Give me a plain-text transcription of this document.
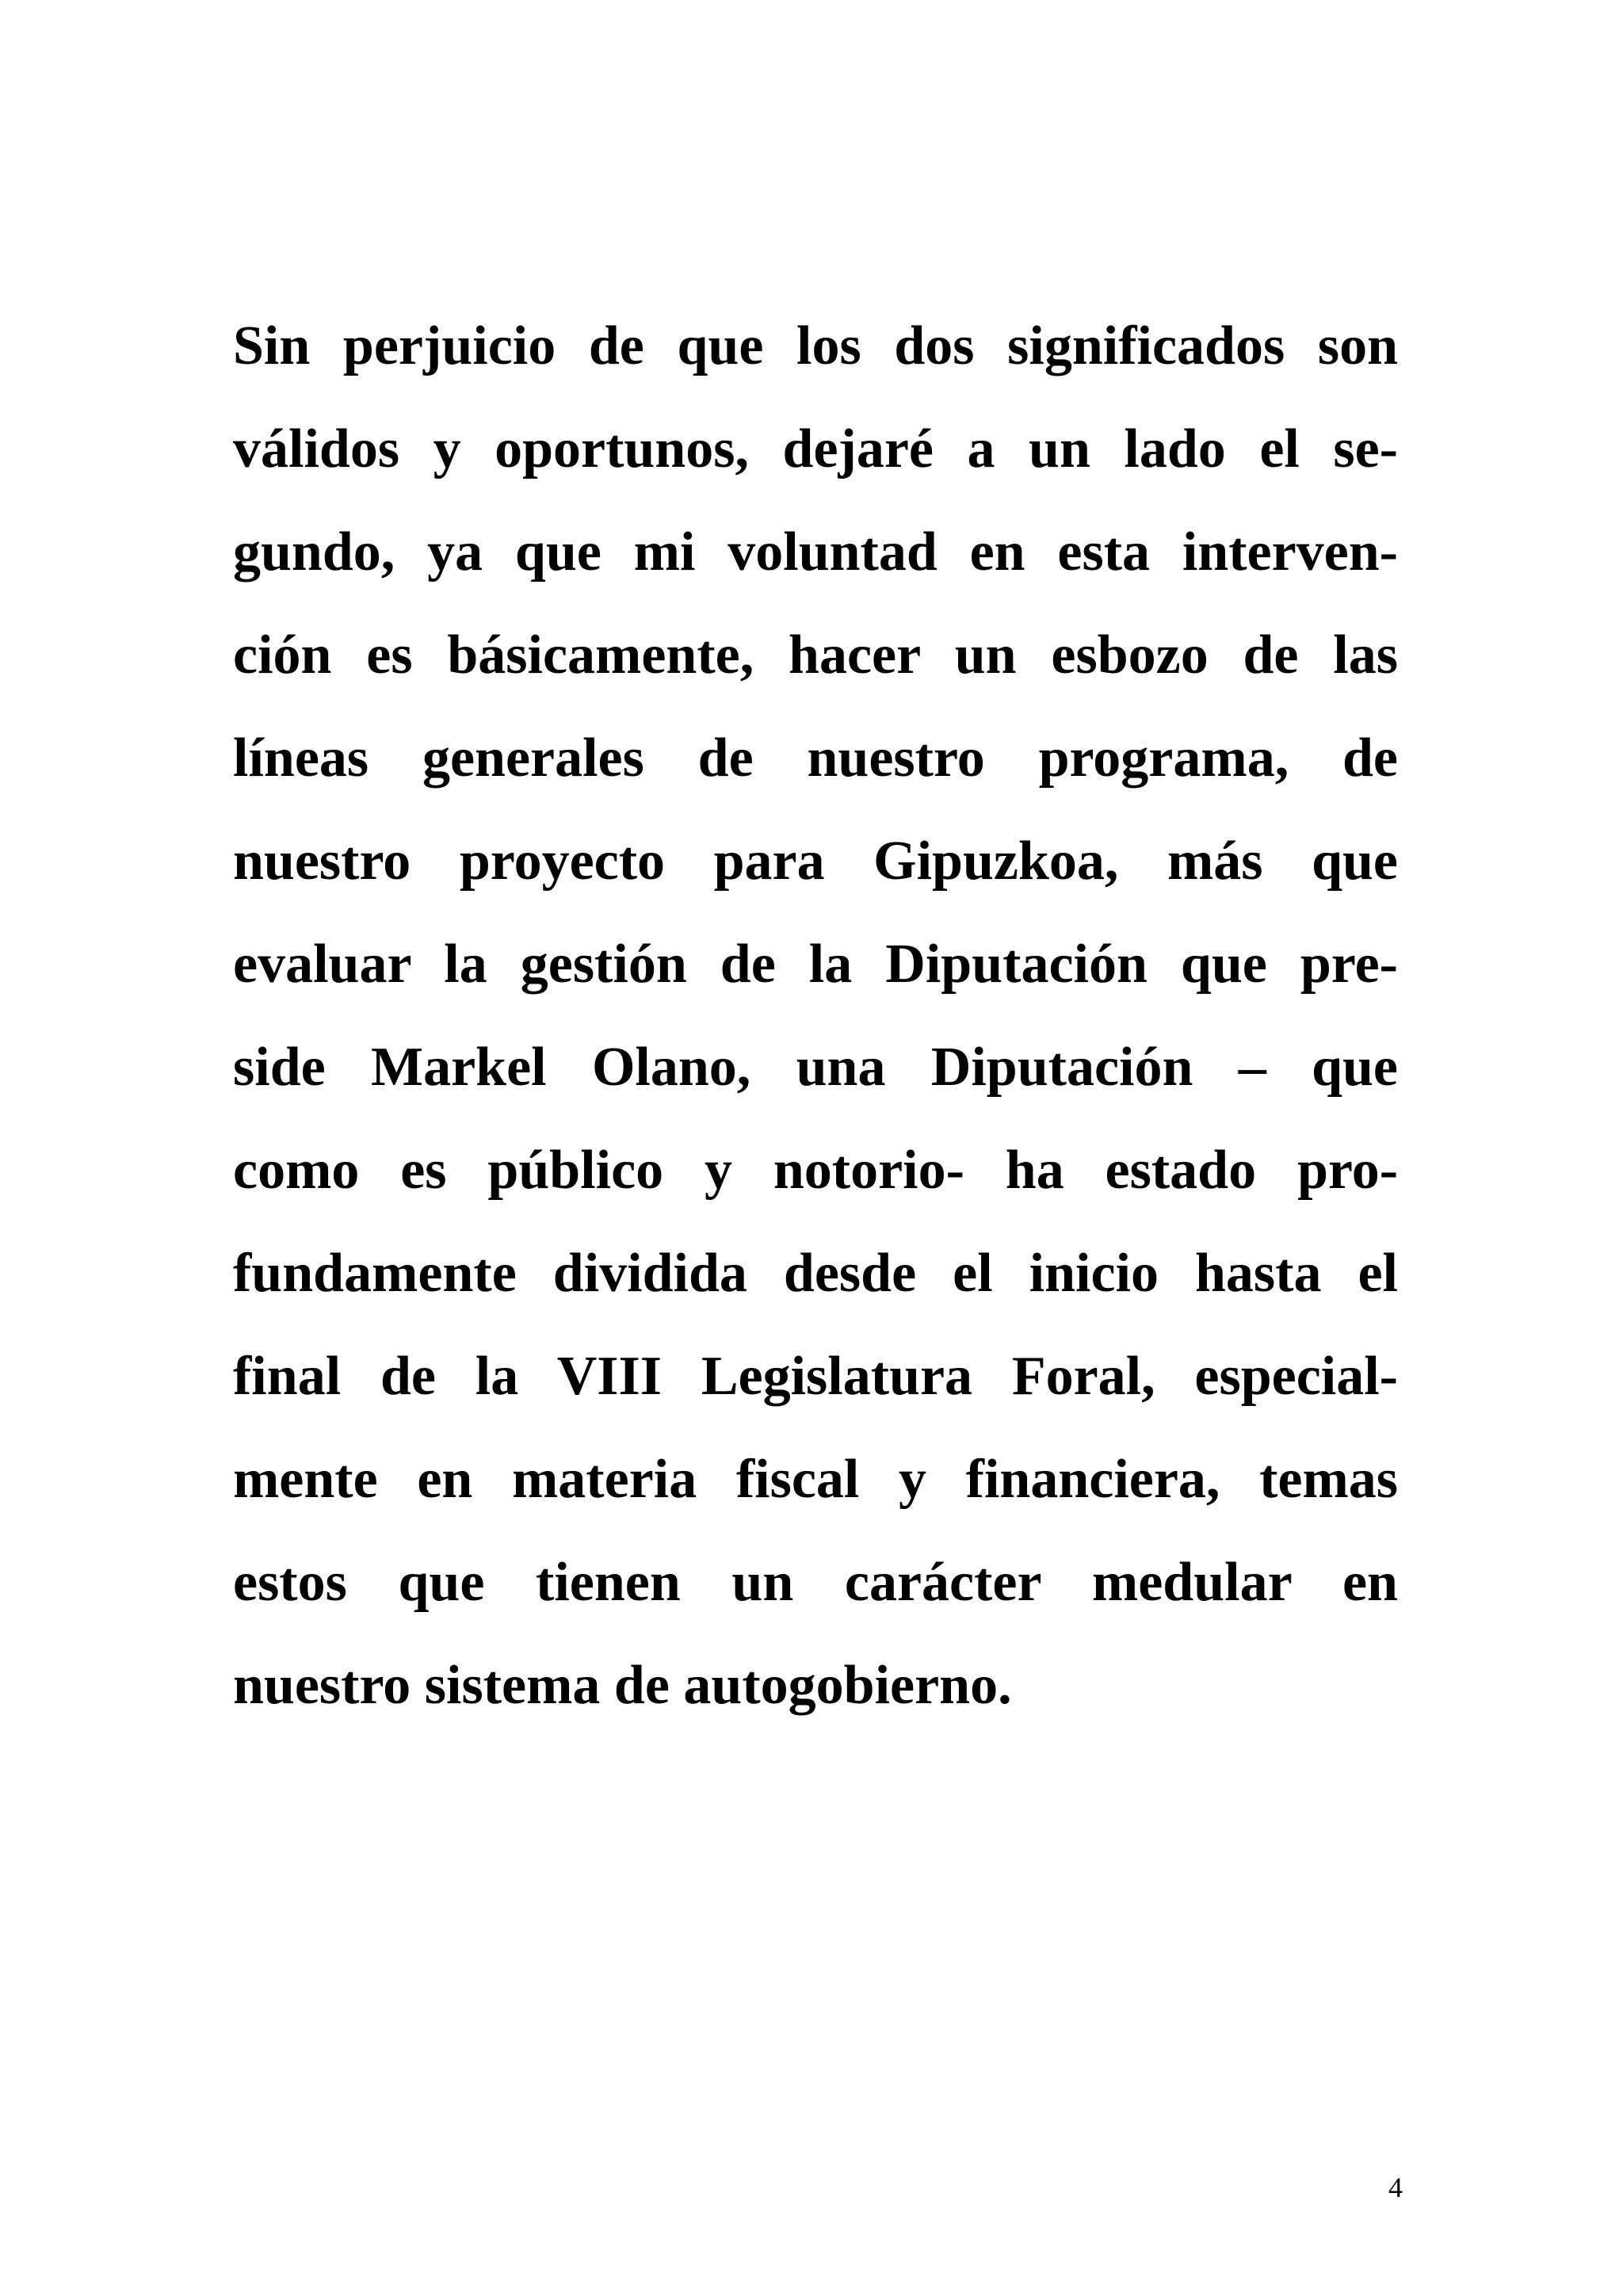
Sin perjuicio de que los dos significados son
válidos y oportunos, dejaré a un lado el se-
gundo, ya que mi voluntad en esta interven-
ción es básicamente, hacer un esbozo de las
líneas generales de nuestro programa, de
nuestro proyecto para Gipuzkoa, más que
evaluar la gestión de la Diputación que pre-
side Markel Olano, una Diputación – que
como es público y notorio- ha estado pro-
fundamente dividida desde el inicio hasta el
final de la VIII Legislatura Foral, especial-
mente en materia fiscal y financiera, temas
estos que tienen un carácter medular en
nuestro sistema de autogobierno.
4
